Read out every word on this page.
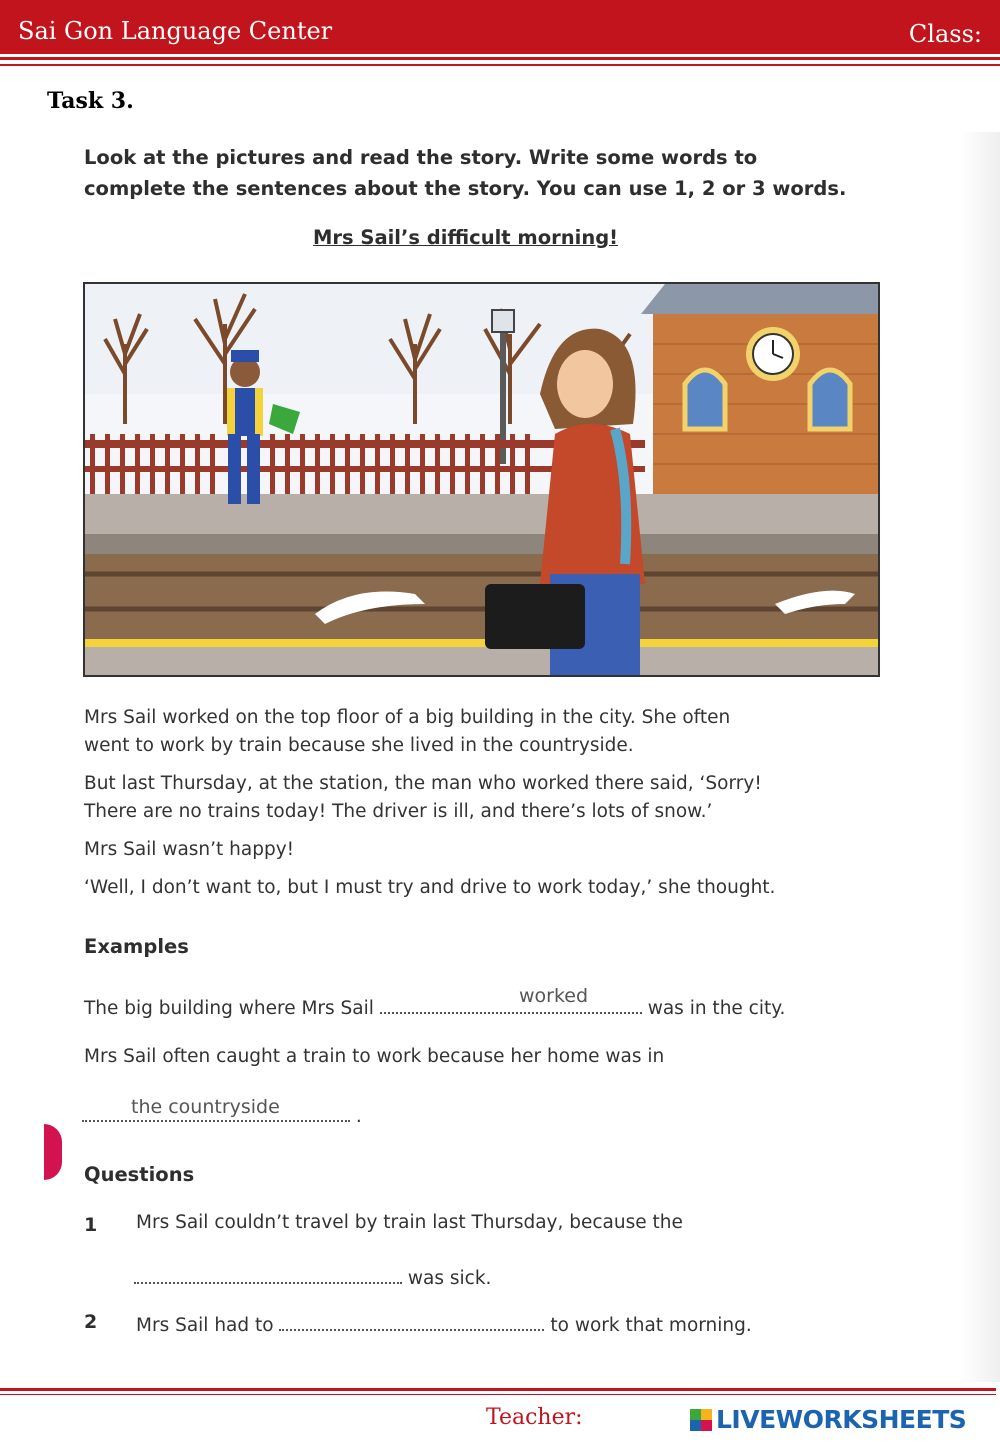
Sai Gon Language Center	Class:
Task 3.
Look at the pictures and read the story. Write some words to
complete the sentences about the story. You can use 1, 2 or 3 words.
Mrs Sail’s difficult morning!

Mrs Sail worked on the top floor of a big building in the city. She often
went to work by train because she lived in the countryside.

But last Thursday, at the station, the man who worked there said, ‘Sorry!
There are no trains today! The driver is ill, and there’s lots of snow.’

Mrs Sail wasn’t happy!

‘Well, I don’t want to, but I must try and drive to work today,’ she thought.

Examples
The big building where Mrs Sail	was in the city.
worked
Mrs Sail often caught a train to work because her home was in
.
the countryside
Questions
1 Mrs Sail couldn’t travel by train last Thursday, because the
was sick.
2 Mrs Sail had to	to work that morning.
Teacher:	LIVEWORKSHEETS
